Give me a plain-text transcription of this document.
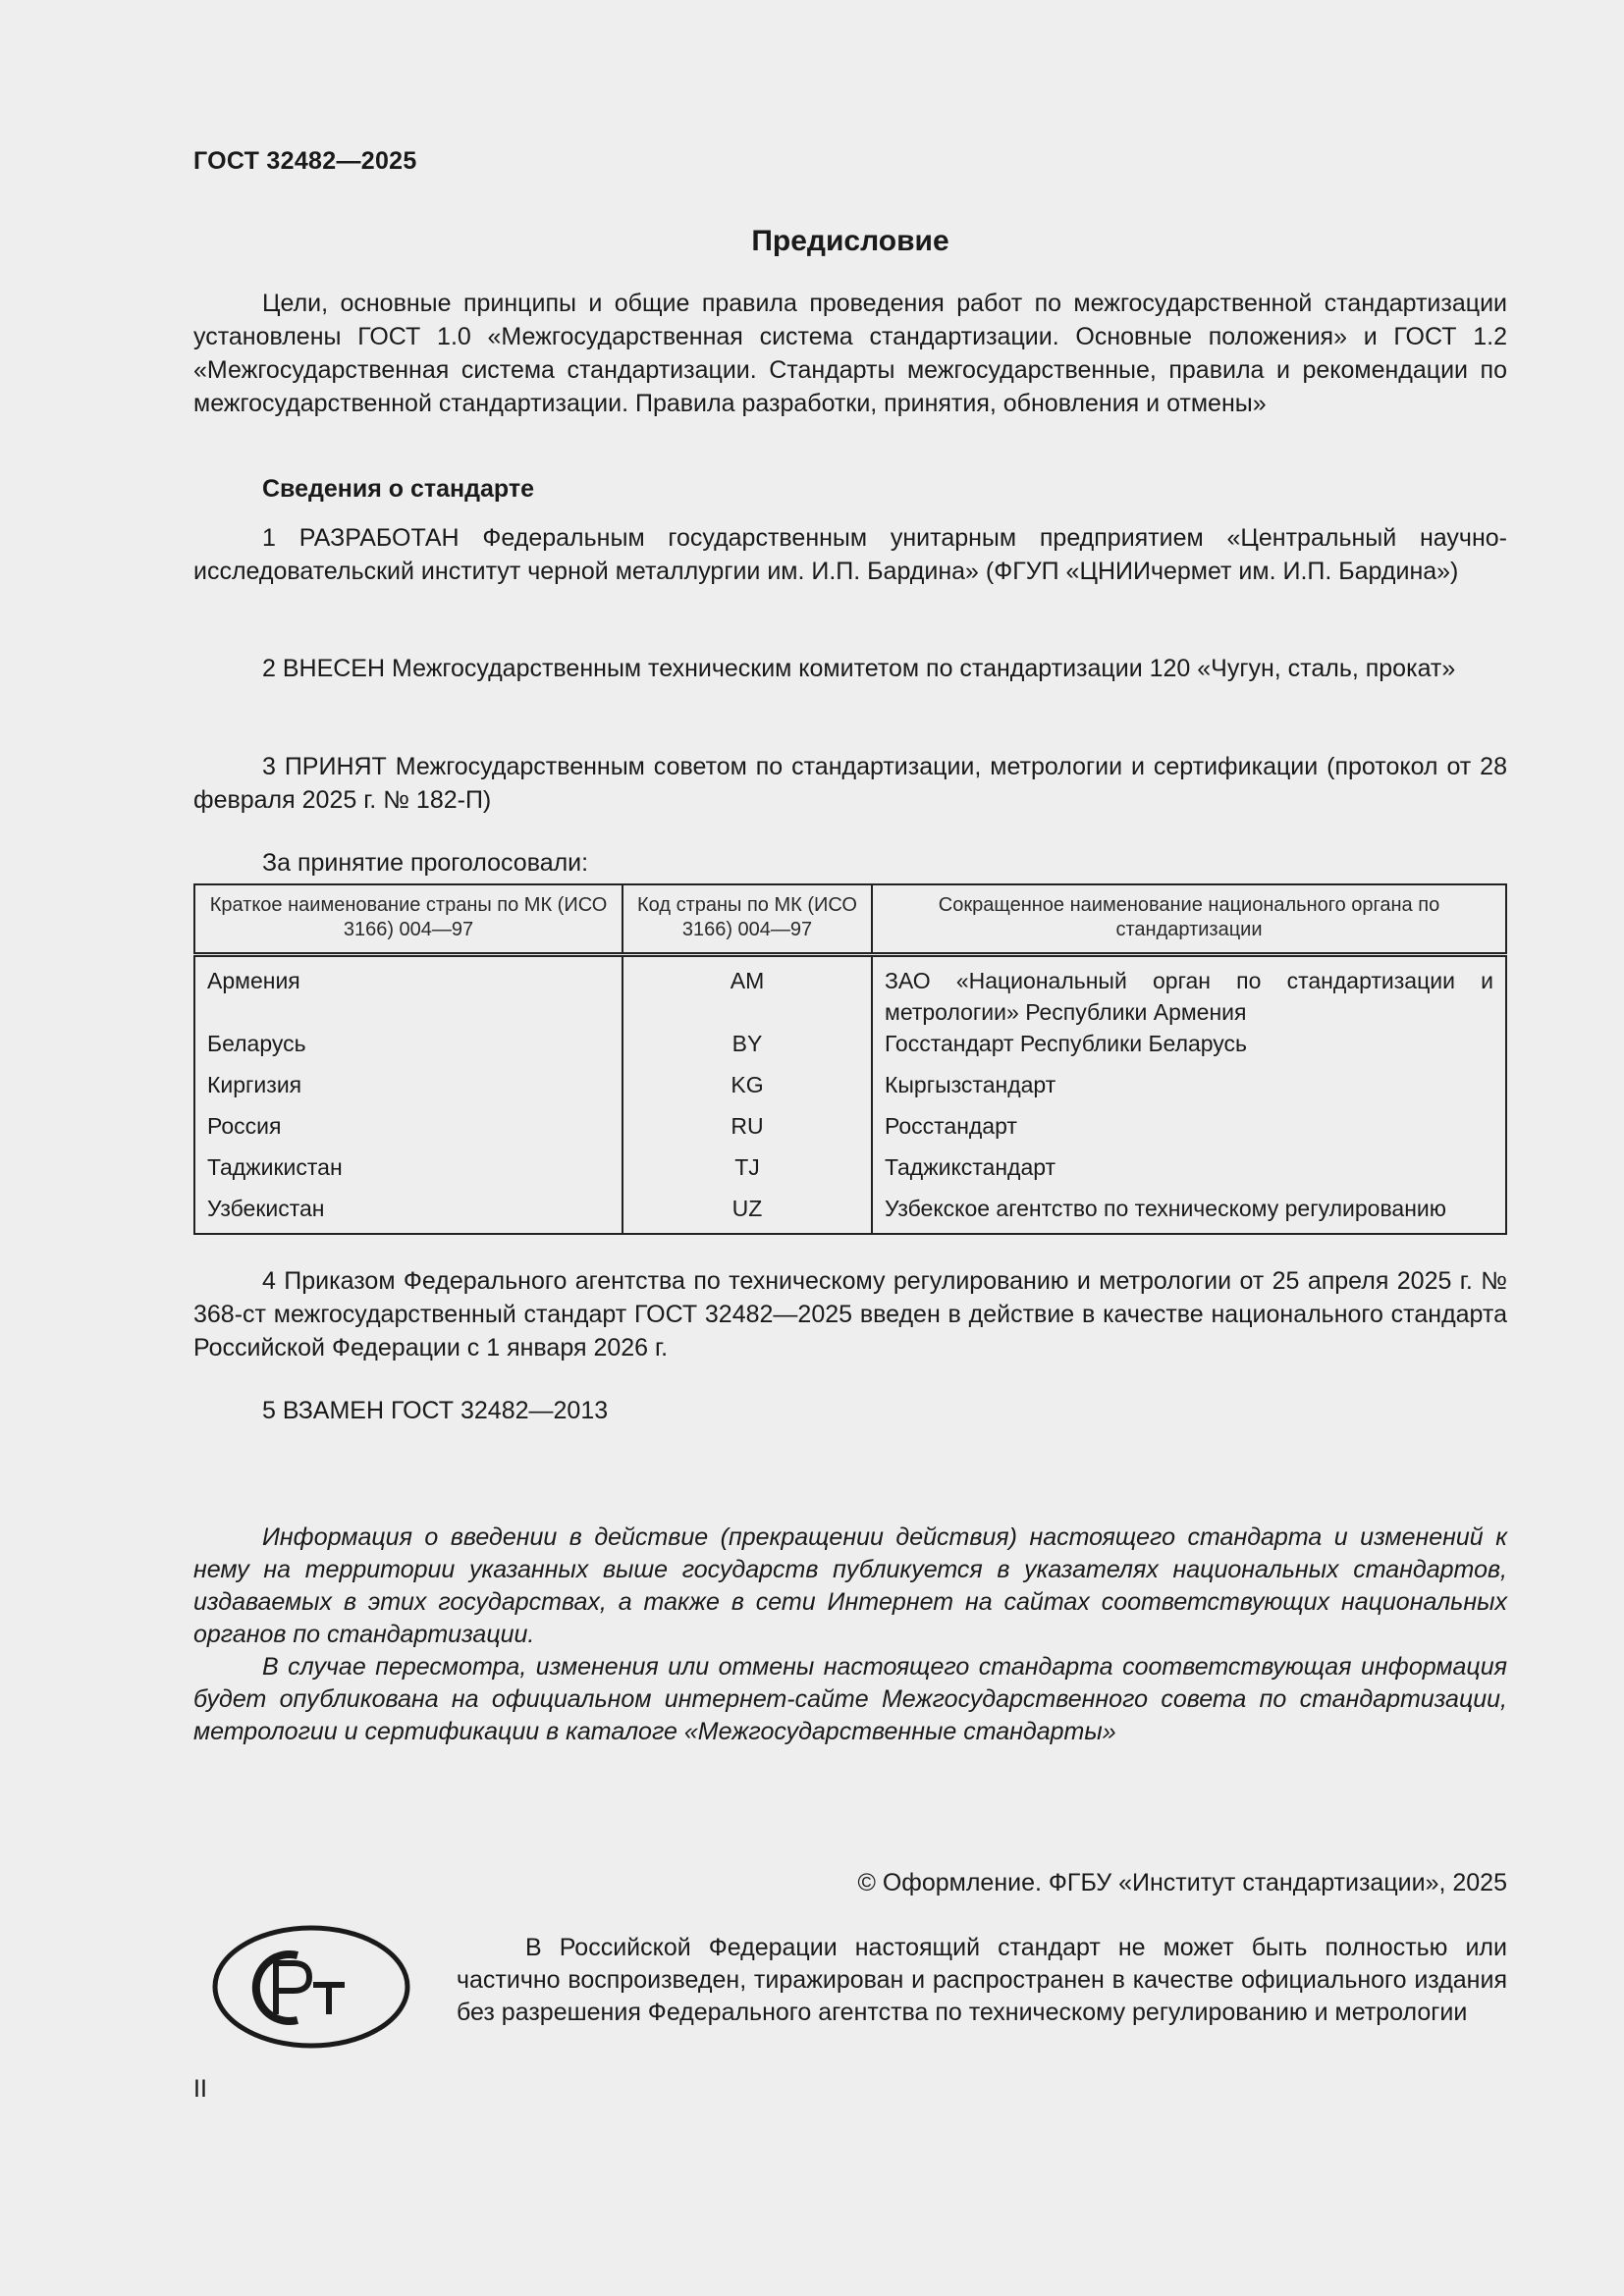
ГОСТ 32482—2025
Предисловие

Цели, основные принципы и общие правила проведения работ по межгосударственной стандартизации установлены ГОСТ 1.0 «Межгосударственная система стандартизации. Основные положения» и ГОСТ 1.2 «Межгосударственная система стандартизации. Стандарты межгосударственные, правила и рекомендации по межгосударственной стандартизации. Правила разработки, принятия, обновления и отмены»

Сведения о стандарте

1 РАЗРАБОТАН Федеральным государственным унитарным предприятием «Центральный научно-исследовательский институт черной металлургии им. И.П. Бардина» (ФГУП «ЦНИИчермет им. И.П. Бардина»)

2 ВНЕСЕН Межгосударственным техническим комитетом по стандартизации 120 «Чугун, сталь, прокат»

3 ПРИНЯТ Межгосударственным советом по стандартизации, метрологии и сертификации (протокол от 28 февраля 2025 г. № 182-П)

За принятие проголосовали:
Краткое наименование страны по МК (ИСО 3166) 004—97	Код страны по МК (ИСО 3166) 004—97	Сокращенное наименование национального органа по стандартизации
Армения	AM	ЗАО «Национальный орган по стандартизации и метрологии» Республики Армения
Беларусь	BY	Госстандарт Республики Беларусь
Киргизия	KG	Кыргызстандарт
Россия	RU	Росстандарт
Таджикистан	TJ	Таджикстандарт
Узбекистан	UZ	Узбекское агентство по техническому регулированию

4 Приказом Федерального агентства по техническому регулированию и метрологии от 25 апреля 2025 г. № 368-ст межгосударственный стандарт ГОСТ 32482—2025 введен в действие в качестве национального стандарта Российской Федерации с 1 января 2026 г.

5 ВЗАМЕН ГОСТ 32482—2013

Информация о введении в действие (прекращении действия) настоящего стандарта и изменений к нему на территории указанных выше государств публикуется в указателях национальных стандартов, издаваемых в этих государствах, а также в сети Интернет на сайтах соответствующих национальных органов по стандартизации.

В случае пересмотра, изменения или отмены настоящего стандарта соответствующая информация будет опубликована на официальном интернет-сайте Межгосударственного совета по стандартизации, метрологии и сертификации в каталоге «Межгосударственные стандарты»

© Оформление. ФГБУ «Институт стандартизации», 2025

В Российской Федерации настоящий стандарт не может быть полностью или частично воспроизведен, тиражирован и распространен в качестве официального издания без разрешения Федерального агентства по техническому регулированию и метрологии

II
